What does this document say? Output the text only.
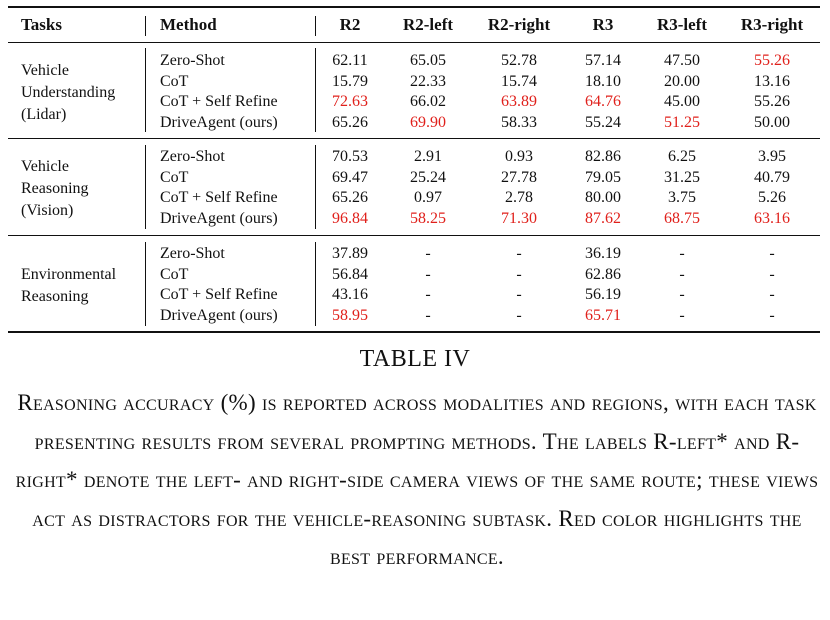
Tasks	Method	R2	R2-left	R2-right	R3	R3-left	R3-right
Vehicle
Understanding
(Lidar)
Zero-Shot	62.11	65.05	52.78	57.14	47.50	55.26
CoT	15.79	22.33	15.74	18.10	20.00	13.16
CoT + Self Refine	72.63	66.02	63.89	64.76	45.00	55.26
DriveAgent (ours)	65.26	69.90	58.33	55.24	51.25	50.00
Vehicle
Reasoning
(Vision)
Zero-Shot	70.53	2.91	0.93	82.86	6.25	3.95
CoT	69.47	25.24	27.78	79.05	31.25	40.79
CoT + Self Refine	65.26	0.97	2.78	80.00	3.75	5.26
DriveAgent (ours)	96.84	58.25	71.30	87.62	68.75	63.16
Environmental
Reasoning
Zero-Shot	37.89	-	-	36.19	-	-
CoT	56.84	-	-	62.86	-	-
CoT + Self Refine	43.16	-	-	56.19	-	-
DriveAgent (ours)	58.95	-	-	65.71	-	-
TABLE IV
Reasoning accuracy (%) is reported across modalities and regions, with each task presenting results from several prompting methods. The labels R-left* and R-right* denote the left- and right-side camera views of the same route; these views act as distractors for the vehicle-reasoning subtask. Red color highlights the best performance.
